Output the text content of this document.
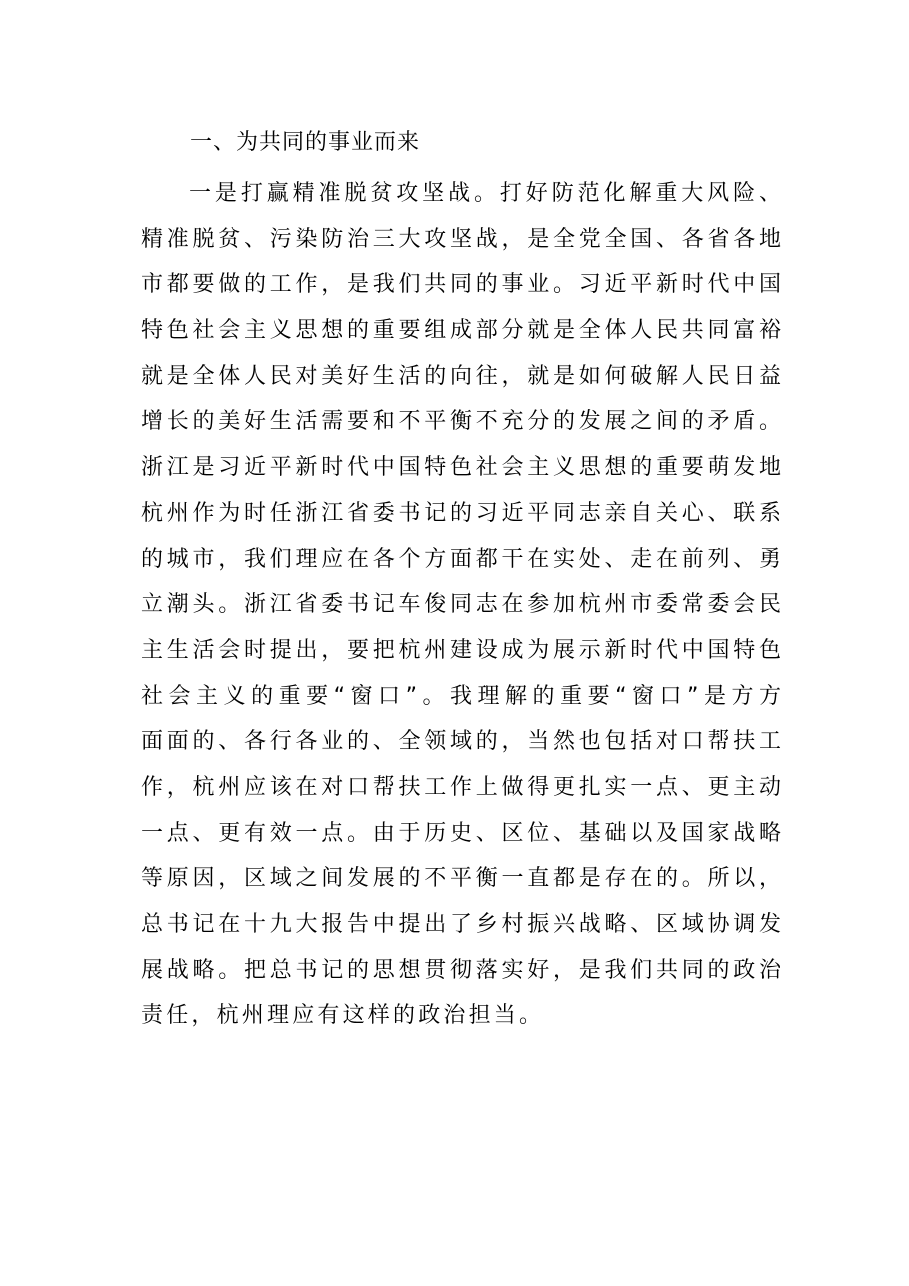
一、为共同的事业而来
一是打赢精准脱贫攻坚战。打好防范化解重大风险、
精准脱贫、污染防治三大攻坚战，是全党全国、各省各地
市都要做的工作，是我们共同的事业。习近平新时代中国
特色社会主义思想的重要组成部分就是全体人民共同富裕
就是全体人民对美好生活的向往，就是如何破解人民日益
增长的美好生活需要和不平衡不充分的发展之间的矛盾。
浙江是习近平新时代中国特色社会主义思想的重要萌发地
杭州作为时任浙江省委书记的习近平同志亲自关心、联系
的城市，我们理应在各个方面都干在实处、走在前列、勇
立潮头。浙江省委书记车俊同志在参加杭州市委常委会民
主生活会时提出，要把杭州建设成为展示新时代中国特色
社会主义的重要“窗口”。我理解的重要“窗口”是方方
面面的、各行各业的、全领域的，当然也包括对口帮扶工
作，杭州应该在对口帮扶工作上做得更扎实一点、更主动
一点、更有效一点。由于历史、区位、基础以及国家战略
等原因，区域之间发展的不平衡一直都是存在的。所以，
总书记在十九大报告中提出了乡村振兴战略、区域协调发
展战略。把总书记的思想贯彻落实好，是我们共同的政治
责任，杭州理应有这样的政治担当。
